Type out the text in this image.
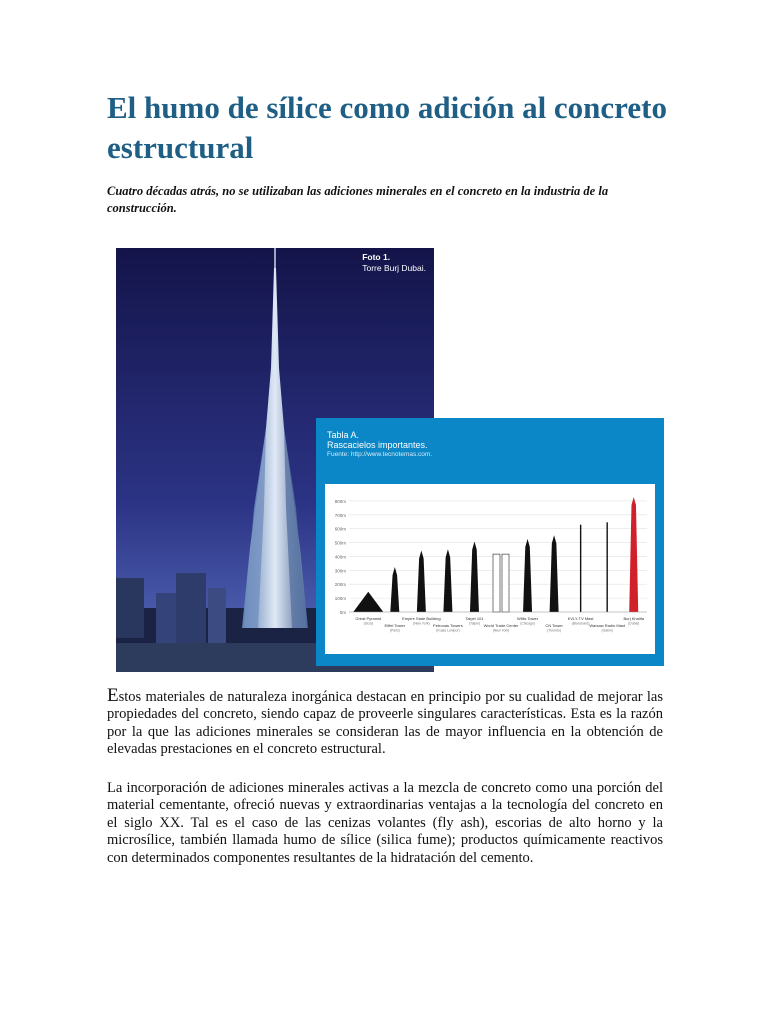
El humo de sílice como adición al concreto estructural
Cuatro décadas atrás, no se utilizaban las adiciones minerales en el concreto en la industria de la construcción.
Foto 1.
Torre Burj Dubai.
Tabla A.
Rascacielos importantes.
Fuente: http://www.tecnotemas.com.
0m
100m
200m
300m
400m
500m
600m
700m
800m
Great Pyramid
(Giza)	Eiffel Tower
(Paris)
Empire State Building
(New York) Petronas Towers
(Kuala Lumpur)
Taipei 101
(Taipei) World Trade Center
(New York)
Willis Tower
(Chicago)	CN Tower
(Toronto)
KVLY-TV Mast
(Blanchard) Warsaw Radio Mast
(Gabin)
Burj Khalifa
(Dubai)
Estos materiales de naturaleza inorgánica destacan en principio por su cualidad de mejorar las propiedades del concreto, siendo capaz de proveerle singulares características. Esta es la razón por la que las adiciones minerales se consideran las de mayor influencia en la obtención de elevadas prestaciones en el concreto estructural.
La incorporación de adiciones minerales activas a la mezcla de concreto como una porción del material cementante, ofreció nuevas y extraordinarias ventajas a la tecnología del concreto en el siglo XX. Tal es el caso de las cenizas volantes (fly ash), escorias de alto horno y la microsílice, también llamada humo de sílice (silica fume); productos químicamente reactivos con determinados componentes resultantes de la hidratación del cemento.
